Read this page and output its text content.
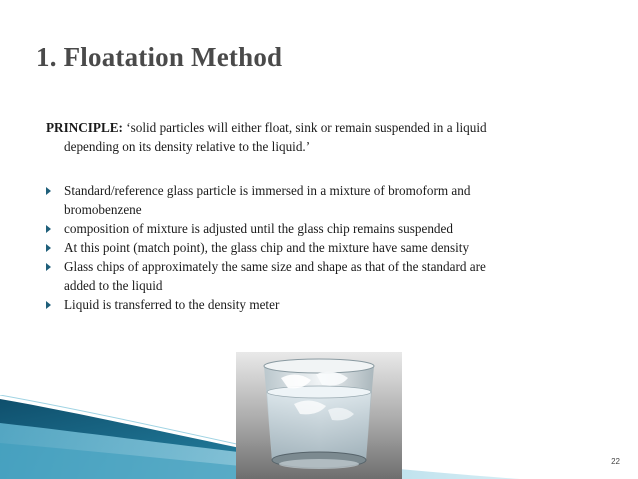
1. Floatation Method
PRINCIPLE: ‘solid particles will either float, sink or remain suspended in a liquid
depending on its density relative to the liquid.’
Standard/reference glass particle is immersed in a mixture of bromoform and
bromobenzene
composition of mixture is adjusted until the glass chip remains suspended
At this point (match point), the glass chip and the mixture have same density
Glass chips of approximately the same size and shape as that of the standard are
added to the liquid
Liquid is transferred to the density meter
22
